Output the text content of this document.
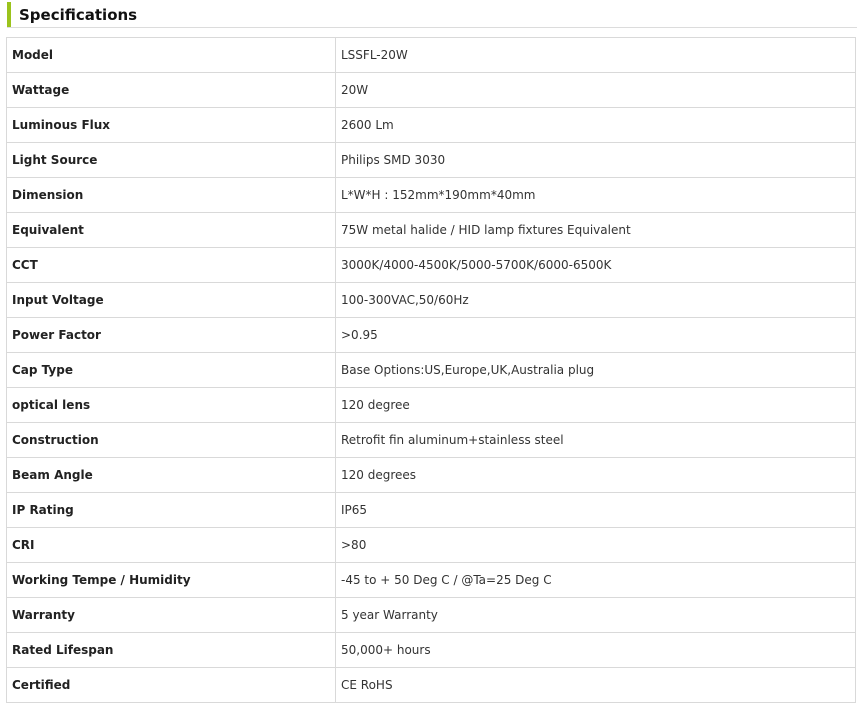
Specifications
Model	LSSFL-20W
Wattage	20W
Luminous Flux	2600 Lm
Light Source	Philips SMD 3030
Dimension	L*W*H : 152mm*190mm*40mm
Equivalent	75W metal halide / HID lamp fixtures Equivalent
CCT	3000K/4000-4500K/5000-5700K/6000-6500K
Input Voltage	100-300VAC,50/60Hz
Power Factor	>0.95
Cap Type	Base Options:US,Europe,UK,Australia plug
optical lens	120 degree
Construction	Retrofit fin aluminum+stainless steel
Beam Angle	120 degrees
IP Rating	IP65
CRI	>80
Working Tempe / Humidity	-45 to + 50 Deg C / @Ta=25 Deg C
Warranty	5 year Warranty
Rated Lifespan	50,000+ hours
Certified	CE RoHS
